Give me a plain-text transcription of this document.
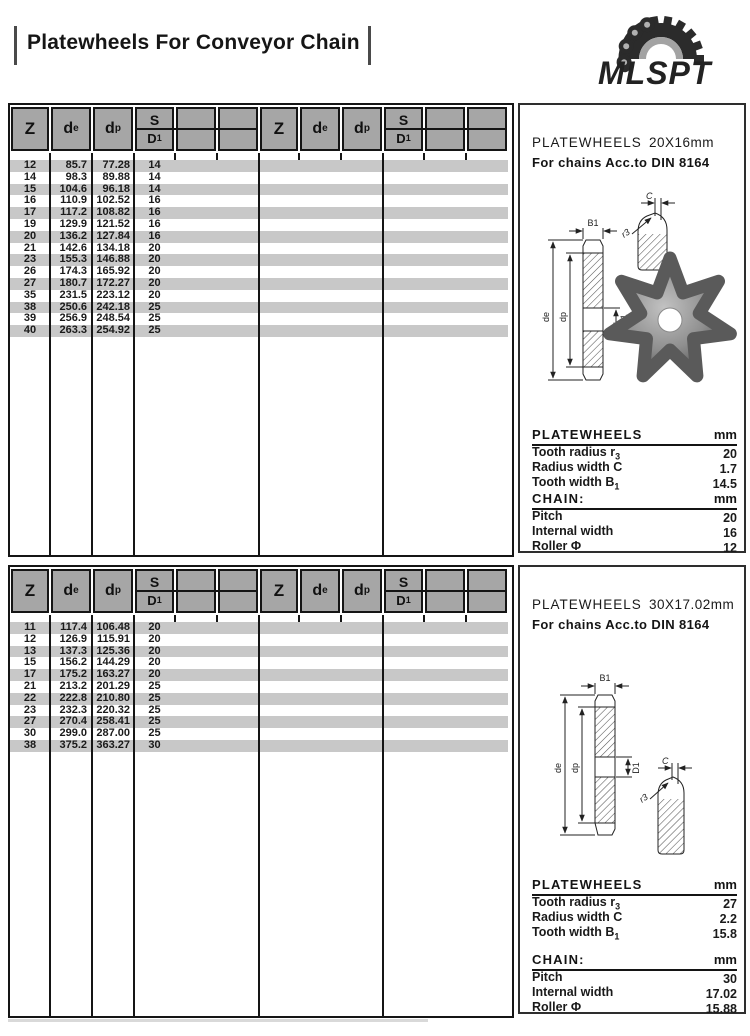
Platewheels For Conveyor Chain
MLSPT
Z	d e d p
S
D 1	Z	d e d p
S
D 1
12	85.7	77.28	14
14	98.3	89.88	14
15	104.6	96.18	14
16	110.9 102.52	16
17	117.2 108.82	16
19	129.9 121.52	16
20	136.2 127.84	16
21	142.6 134.18	20
23	155.3 146.88	20
26	174.3 165.92	20
27	180.7 172.27	20
35	231.5 223.12	20
38	250.6 242.18	25
39	256.9 248.54	25
40	263.3 254.92	25
PLATEWHEELS 20X16mm
For chains Acc.to DIN 8164
de dp
B1
C
r3
PLATEWHEELS	mm
Tooth radius $r_3$	20
Radius width C	1.7
Tooth width $B_1$	14.5
CHAIN:	mm
Pitch	20
Internal width	16
Roller Φ	12
Z	d e d p
S
D 1	Z	d e d p
S
D 1
11	117.4 106.48	20
12	126.9 115.91	20
13	137.3 125.36	20
15	156.2 144.29	20
17	175.2 163.27	20
21	213.2 201.29	25
22	222.8 210.80	25
23	232.3 220.32	25
27	270.4 258.41	25
30	299.0 287.00	25
38	375.2 363.27	30
PLATEWHEELS 30X17.02mm
For chains Acc.to DIN 8164
de dp
B1
D1
C
r3
PLATEWHEELS	mm
Tooth radius $r_3$	27
Radius width C	2.2
Tooth width $B_1$	15.8
CHAIN:	mm
Pitch	30
Internal width	17.02
Roller Φ	15.88
